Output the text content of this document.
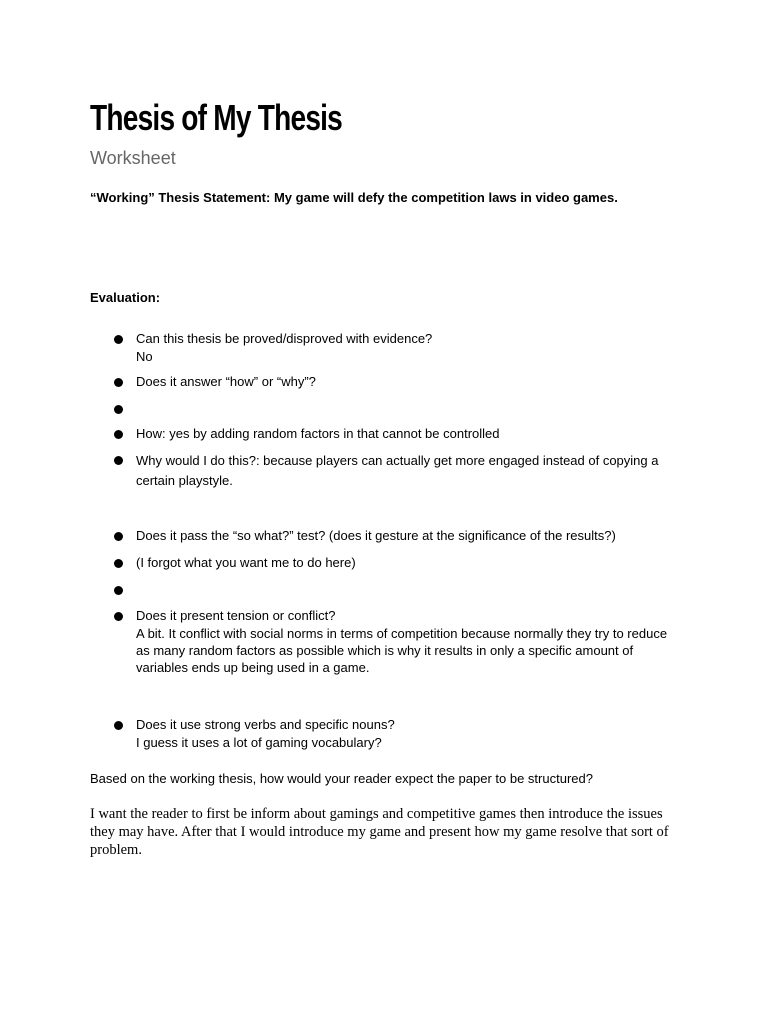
Thesis of My Thesis
Worksheet
“Working” Thesis Statement: My game will defy the competition laws in video games.
Evaluation:
Can this thesis be proved/disproved with evidence?
No
Does it answer “how” or “why”?
How: yes by adding random factors in that cannot be controlled
Why would I do this?: because players can actually get more engaged instead of copying a certain playstyle.
Does it pass the “so what?” test? (does it gesture at the significance of the results?)
(I forgot what you want me to do here)
Does it present tension or conflict?
A bit. It conflict with social norms in terms of competition because normally they try to reduce as many random factors as possible which is why it results in only a specific amount of variables ends up being used in a game.
Does it use strong verbs and specific nouns?
I guess it uses a lot of gaming vocabulary?
Based on the working thesis, how would your reader expect the paper to be structured?
I want the reader to first be inform about gamings and competitive games then introduce the issues they may have. After that I would introduce my game and present how my game resolve that sort of problem.
